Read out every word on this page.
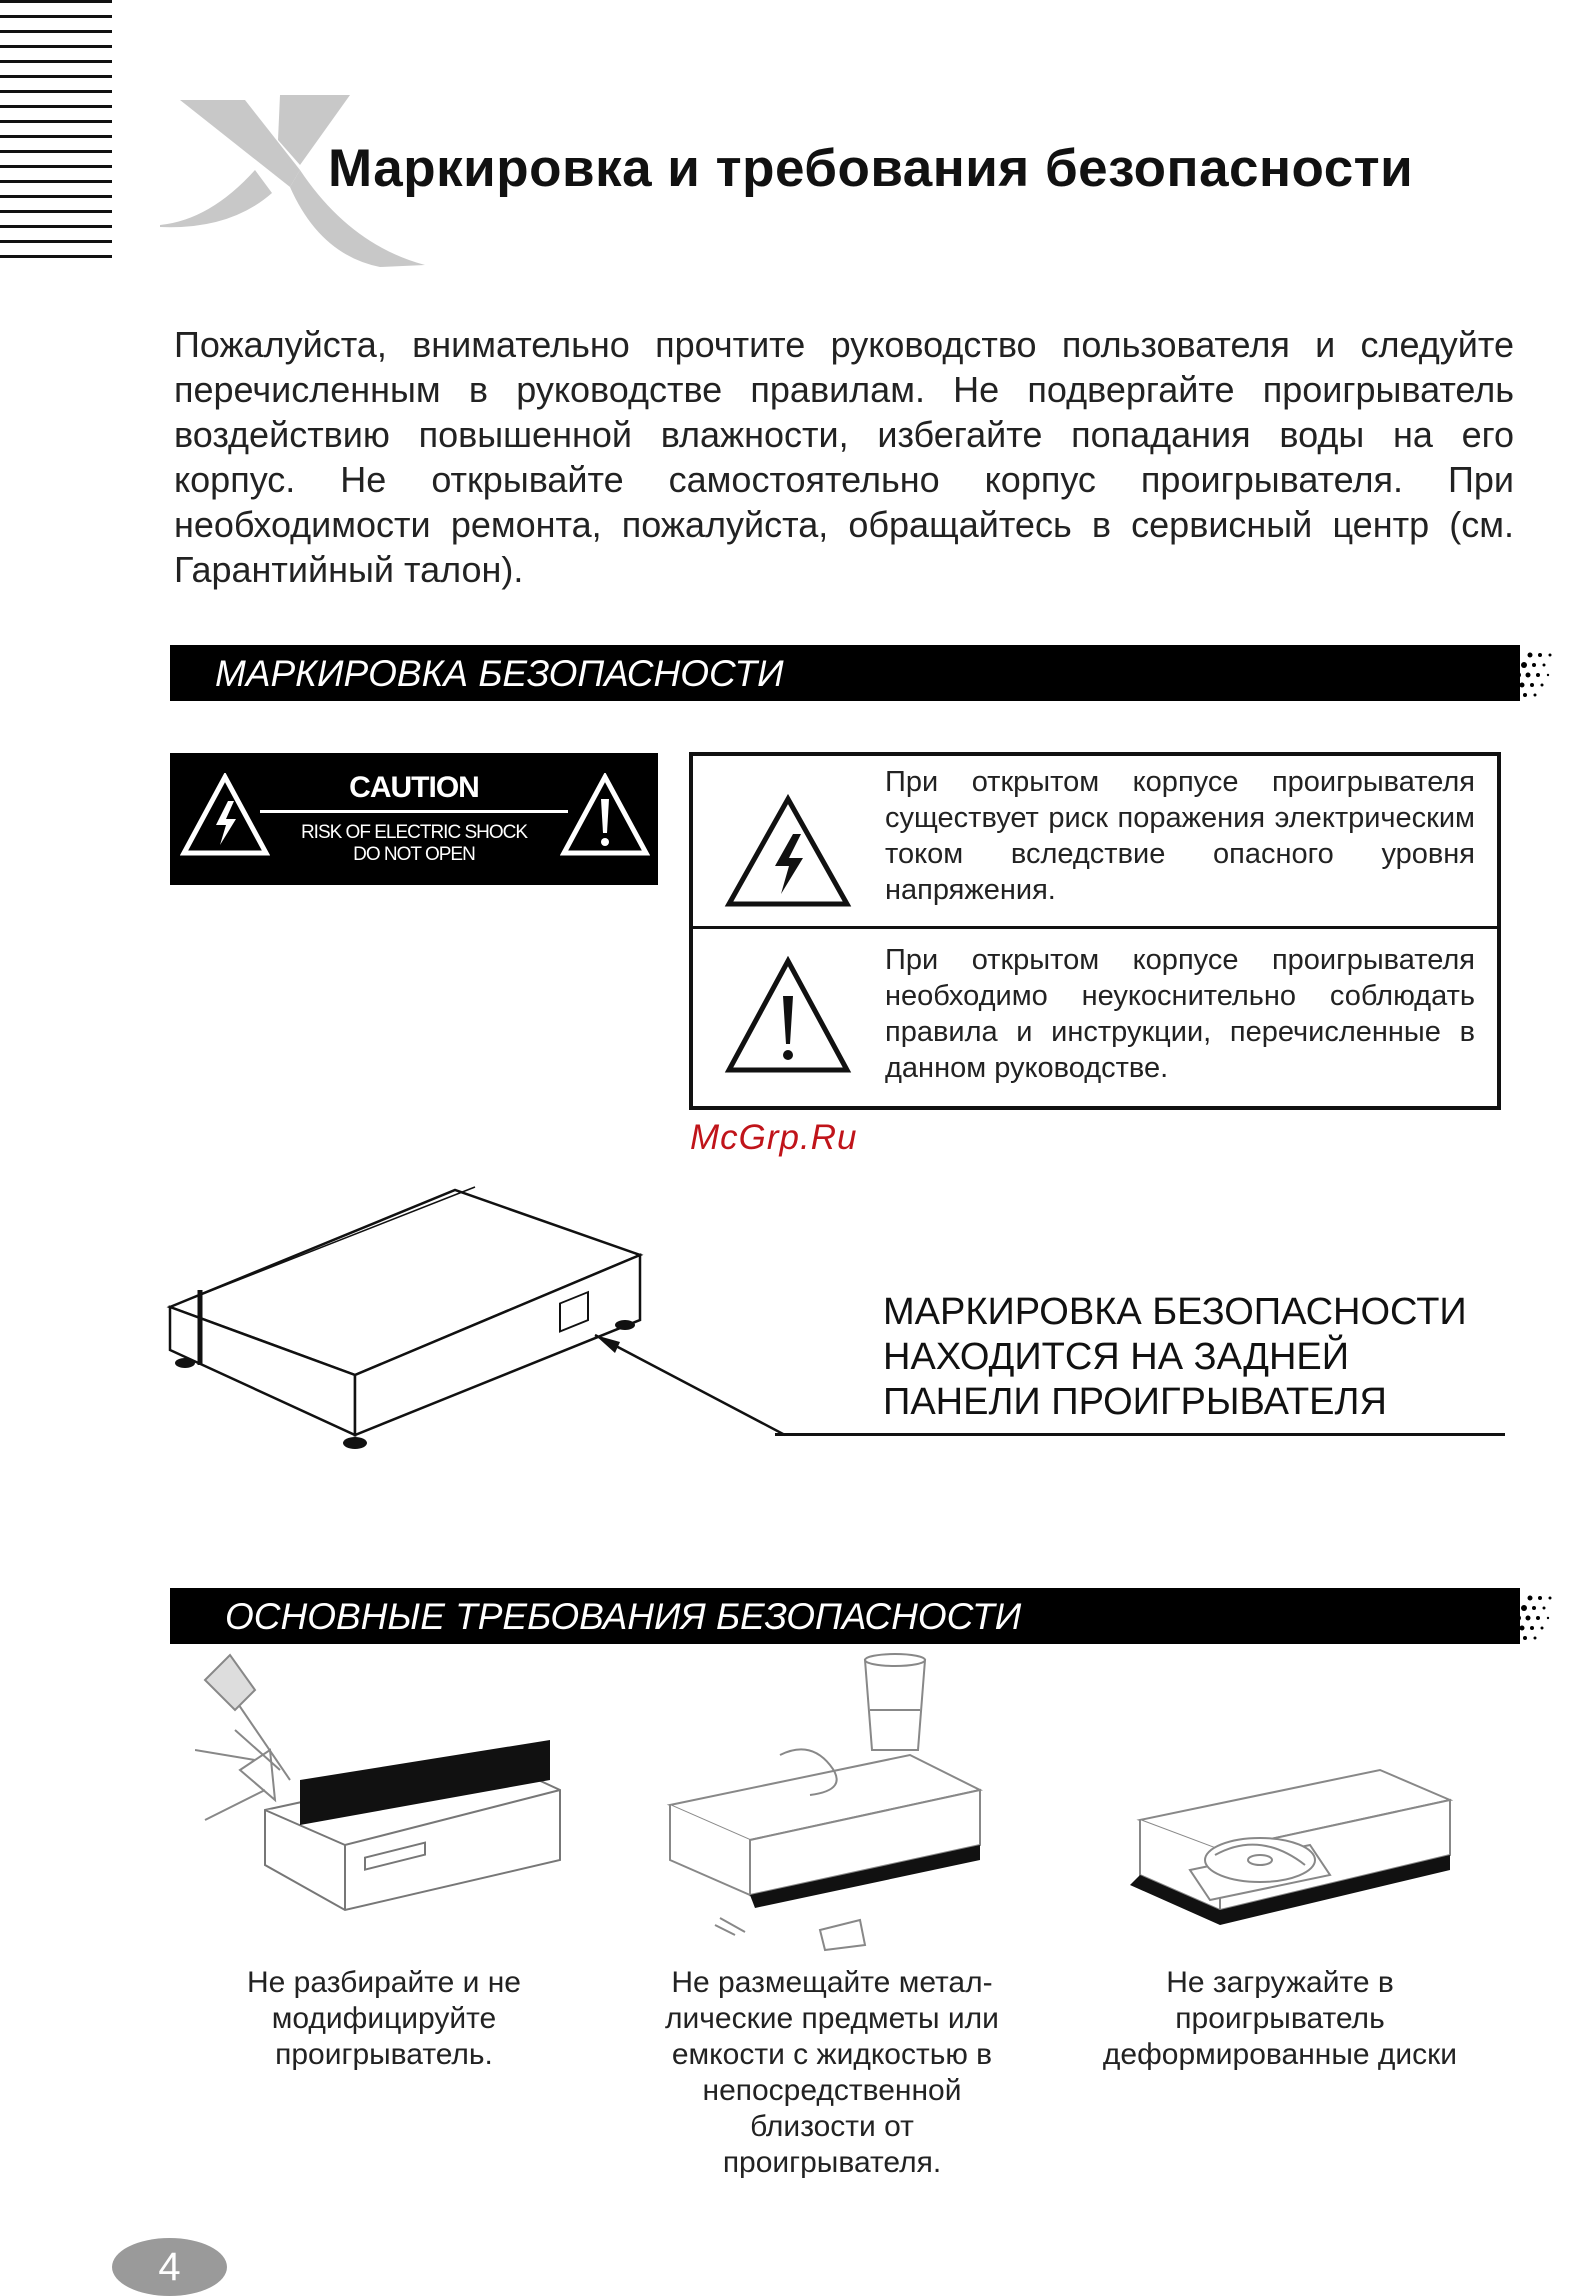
Маркировка и требования безопасности
Пожалуйста, внимательно прочтите руководство пользователя и следуйте перечисленным в руководстве правилам. Не подвергайте проигрыватель воздействию повышенной влажности, избегайте попадания воды на его корпус. Не открывайте самостоятельно корпус проигрывателя. При необходимости ремонта, пожалуйста, обращайтесь в сервисный центр (см. Гарантийный талон).
МАРКИРОВКА БЕЗОПАСНОСТИ
CAUTION
RISK OF ELECTRIC SHOCK
DO NOT OPEN
При открытом корпусе проигрывателя существует риск поражения электрическим током вследствие опасного уровня напряжения.
При открытом корпусе проигрывателя необходимо неукоснительно соблюдать правила и инструкции, перечисленные в данном руководстве.
McGrp.Ru
МАРКИРОВКА БЕЗОПАСНОСТИ
НАХОДИТСЯ НА ЗАДНЕЙ
ПАНЕЛИ ПРОИГРЫВАТЕЛЯ
ОСНОВНЫЕ ТРЕБОВАНИЯ БЕЗОПАСНОСТИ
Не разбирайте и не
модифицируйте
проигрыватель.
Не размещайте метал-
лические предметы или
емкости с жидкостью в
непосредственной
близости от
проигрывателя.
Не загружайте в
проигрыватель
деформированные диски
4
